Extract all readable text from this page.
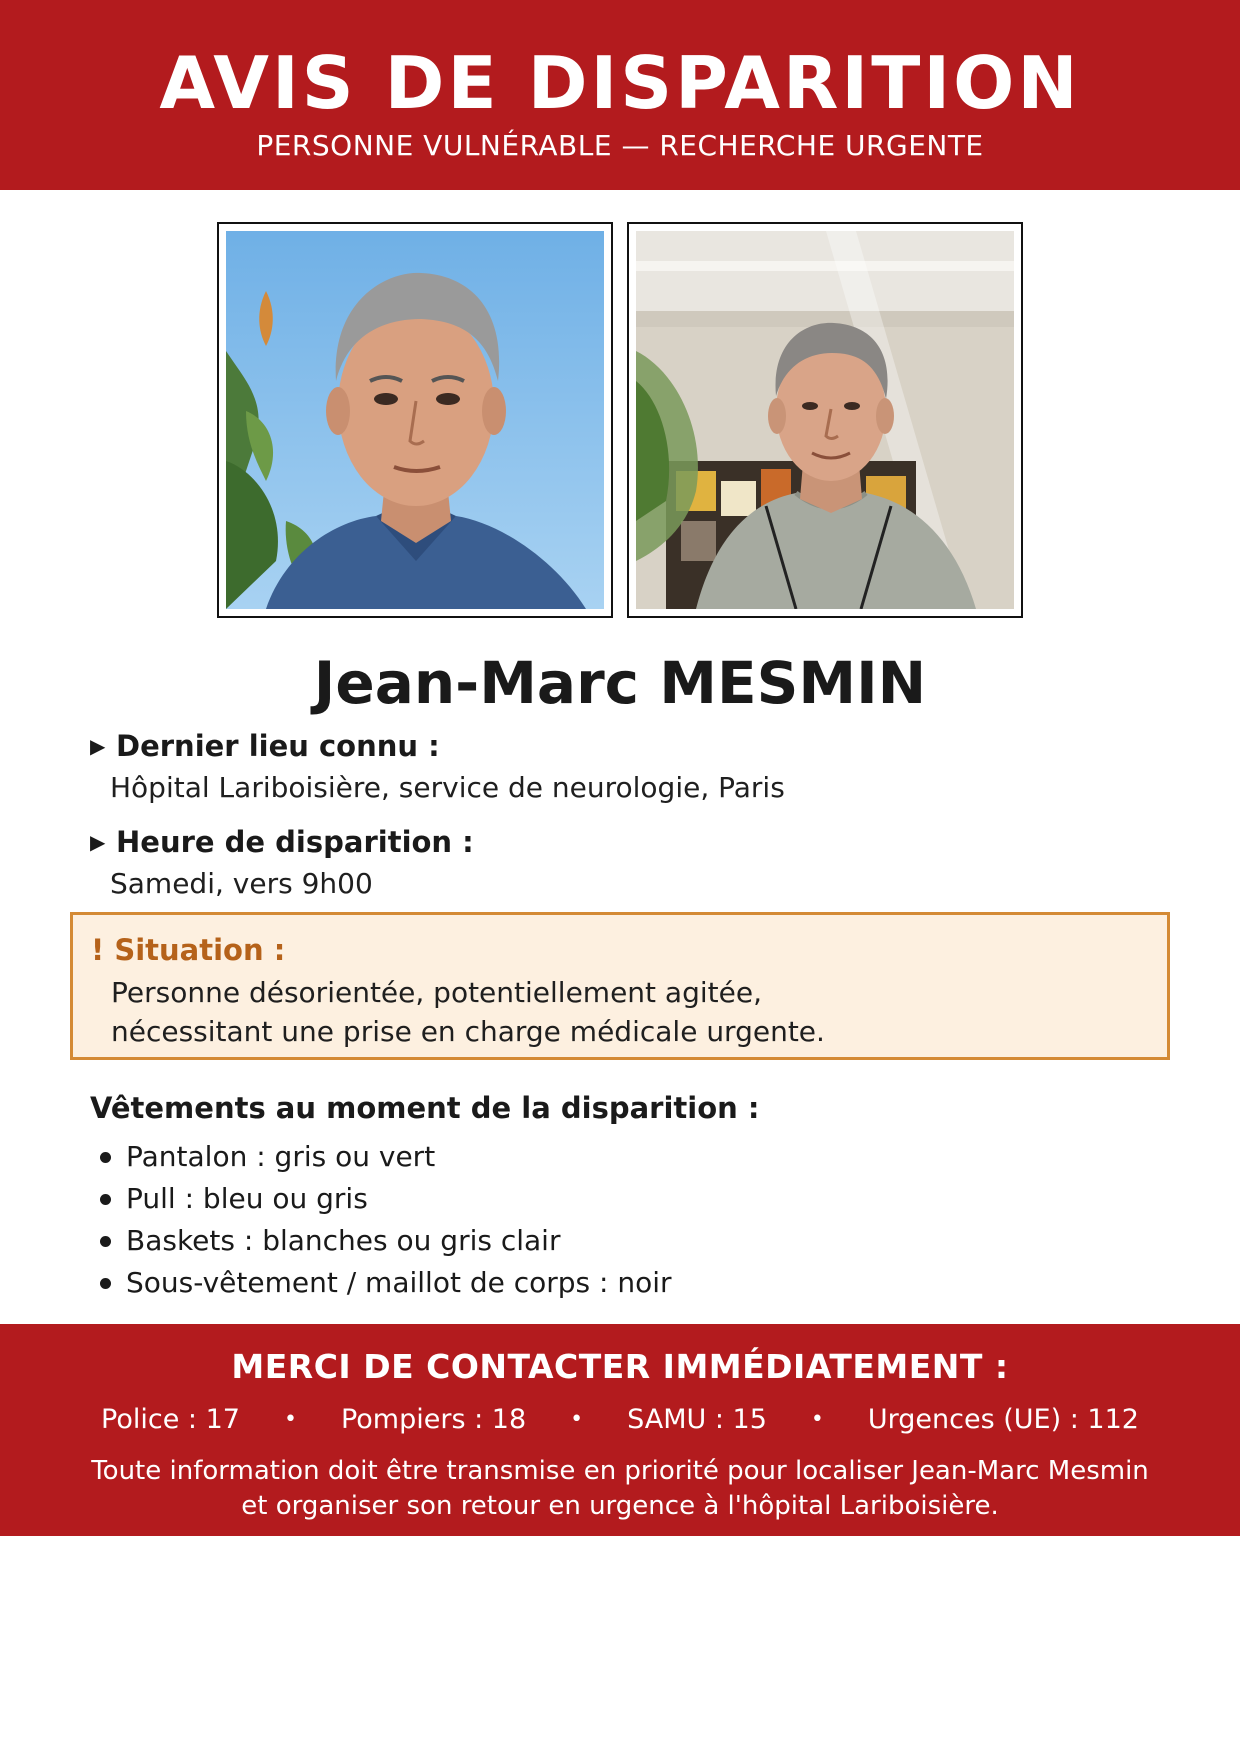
AVIS DE DISPARITION
PERSONNE VULNÉRABLE — RECHERCHE URGENTE
Jean-Marc MESMIN
▶ Dernier lieu connu :
Hôpital Lariboisière, service de neurologie, Paris
▶ Heure de disparition :
Samedi, vers 9h00
! Situation :
Personne désorientée, potentiellement agitée,
nécessitant une prise en charge médicale urgente.
Vêtements au moment de la disparition :
Pantalon : gris ou vert
Pull : bleu ou gris
Baskets : blanches ou gris clair
Sous-vêtement / maillot de corps : noir
MERCI DE CONTACTER IMMÉDIATEMENT :
Police : 17 • Pompiers : 18 • SAMU : 15 • Urgences (UE) : 112
Toute information doit être transmise en priorité pour localiser Jean-Marc Mesmin
et organiser son retour en urgence à l'hôpital Lariboisière.
